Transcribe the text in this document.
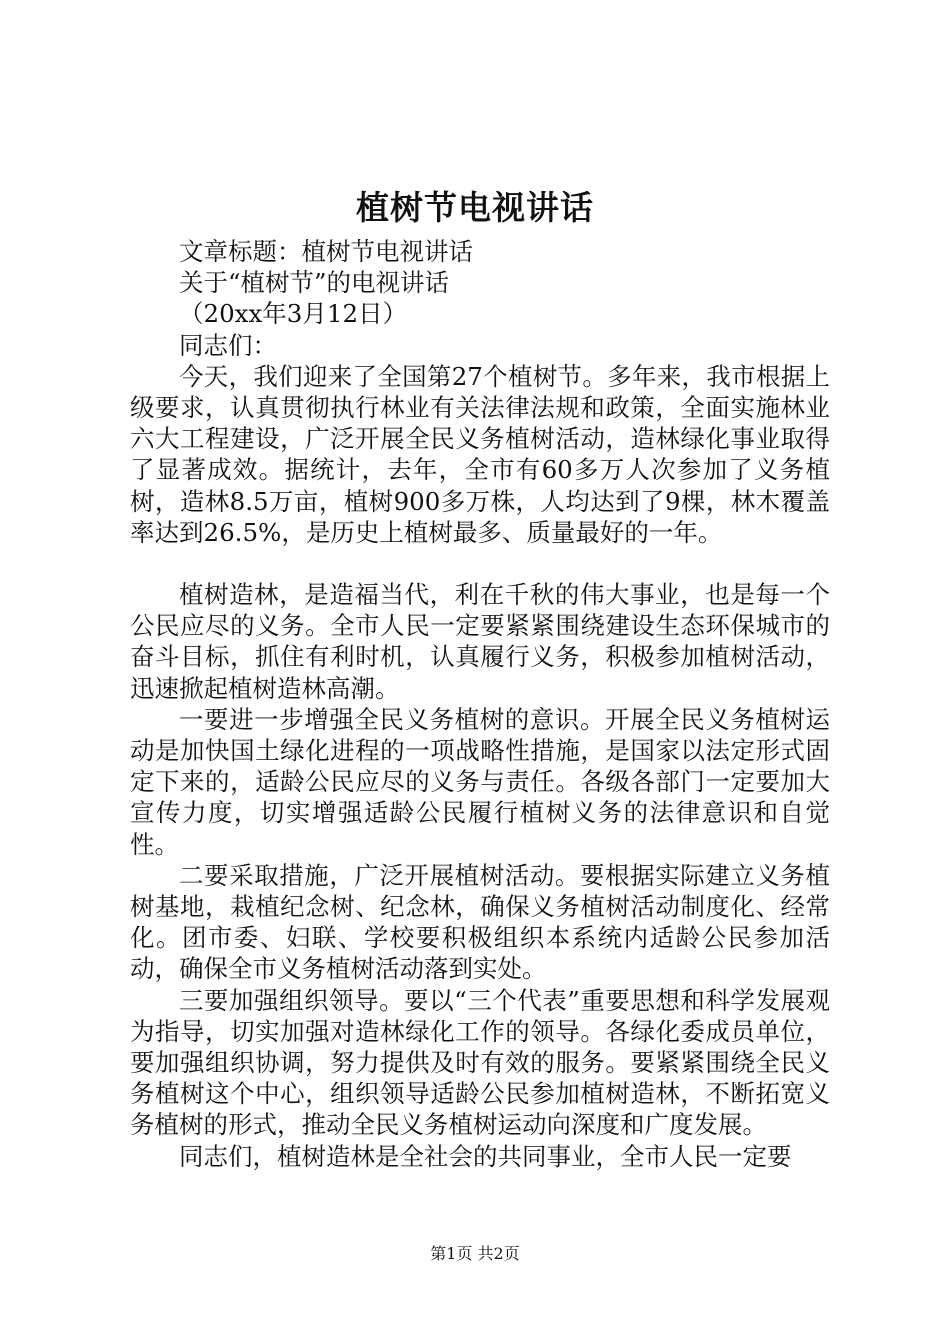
植树节电视讲话

文章标题：植树节电视讲话

关于“植树节”的电视讲话

（20xx年3月12日）

同志们：

今天，我们迎来了全国第27个植树节。多年来，我市根据上级要求，认真贯彻执行林业有关法律法规和政策，全面实施林业六大工程建设，广泛开展全民义务植树活动，造林绿化事业取得了显著成效。据统计，去年，全市有60多万人次参加了义务植树，造林8.5万亩，植树900多万株，人均达到了9棵，林木覆盖率达到26.5%，是历史上植树最多、质量最好的一年。

植树造林，是造福当代，利在千秋的伟大事业，也是每一个公民应尽的义务。全市人民一定要紧紧围绕建设生态环保城市的奋斗目标，抓住有利时机，认真履行义务，积极参加植树活动，迅速掀起植树造林高潮。

一要进一步增强全民义务植树的意识。开展全民义务植树运动是加快国土绿化进程的一项战略性措施，是国家以法定形式固定下来的，适龄公民应尽的义务与责任。各级各部门一定要加大宣传力度，切实增强适龄公民履行植树义务的法律意识和自觉性。

二要采取措施，广泛开展植树活动。要根据实际建立义务植树基地，栽植纪念树、纪念林，确保义务植树活动制度化、经常化。团市委、妇联、学校要积极组织本系统内适龄公民参加活动，确保全市义务植树活动落到实处。

三要加强组织领导。要以“三个代表”重要思想和科学发展观为指导，切实加强对造林绿化工作的领导。各绿化委成员单位，要加强组织协调，努力提供及时有效的服务。要紧紧围绕全民义务植树这个中心，组织领导适龄公民参加植树造林，不断拓宽义务植树的形式，推动全民义务植树运动向深度和广度发展。

同志们，植树造林是全社会的共同事业，全市人民一定要

第1页 共2页
